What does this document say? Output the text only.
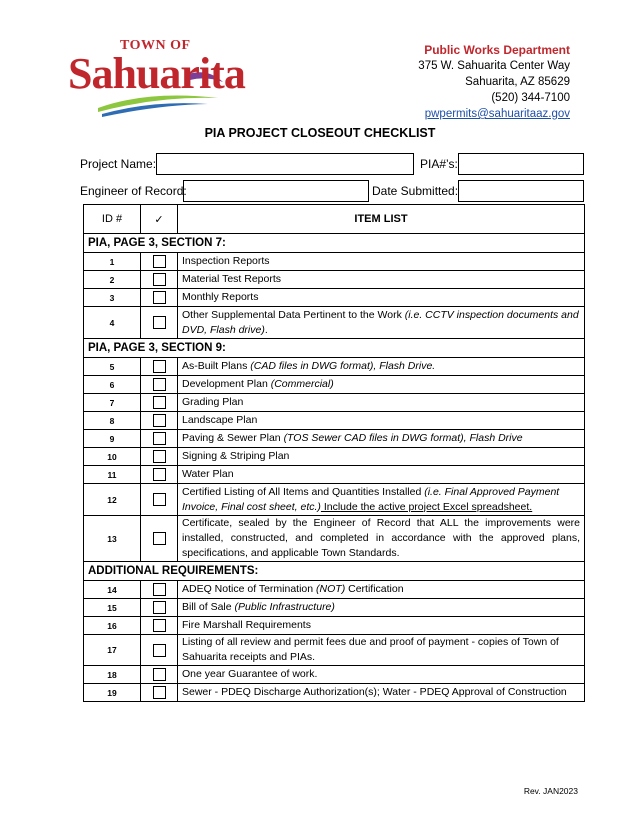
TOWN OF
Sahuarita	Public Works Department
375 W. Sahuarita Center Way
Sahuarita, AZ 85629
(520) 344-7100
pwpermits@sahuaritaaz.gov
PIA PROJECT CLOSEOUT CHECKLIST
Project Name:	PIA#’s:
Engineer of Record:	Date Submitted:
ID #	✓	ITEM LIST
PIA, PAGE 3, SECTION 7:		
1		Inspection Reports
2		Material Test Reports
3		Monthly Reports
4		Other Supplemental Data Pertinent to the Work (i.e. CCTV inspection documents and DVD, Flash drive).
PIA, PAGE 3, SECTION 9:		
5		As-Built Plans (CAD files in DWG format), Flash Drive.
6		Development Plan (Commercial)
7		Grading Plan
8		Landscape Plan
9		Paving & Sewer Plan (TOS Sewer CAD files in DWG format), Flash Drive
10		Signing & Striping Plan
11		Water Plan
12		Certified Listing of All Items and Quantities Installed (i.e. Final Approved Payment Invoice, Final cost sheet, etc.) Include the active project Excel spreadsheet.
13		Certificate, sealed by the Engineer of Record that ALL the improvements were installed, constructed, and completed in accordance with the approved plans, specifications, and applicable Town Standards.
ADDITIONAL REQUIREMENTS:		
14		ADEQ Notice of Termination (NOT) Certification
15		Bill of Sale (Public Infrastructure)
16		Fire Marshall Requirements
17		Listing of all review and permit fees due and proof of payment - copies of Town of Sahuarita receipts and PIAs.
18		One year Guarantee of work.
19		Sewer - PDEQ Discharge Authorization(s); Water - PDEQ Approval of Construction
Rev. JAN2023
